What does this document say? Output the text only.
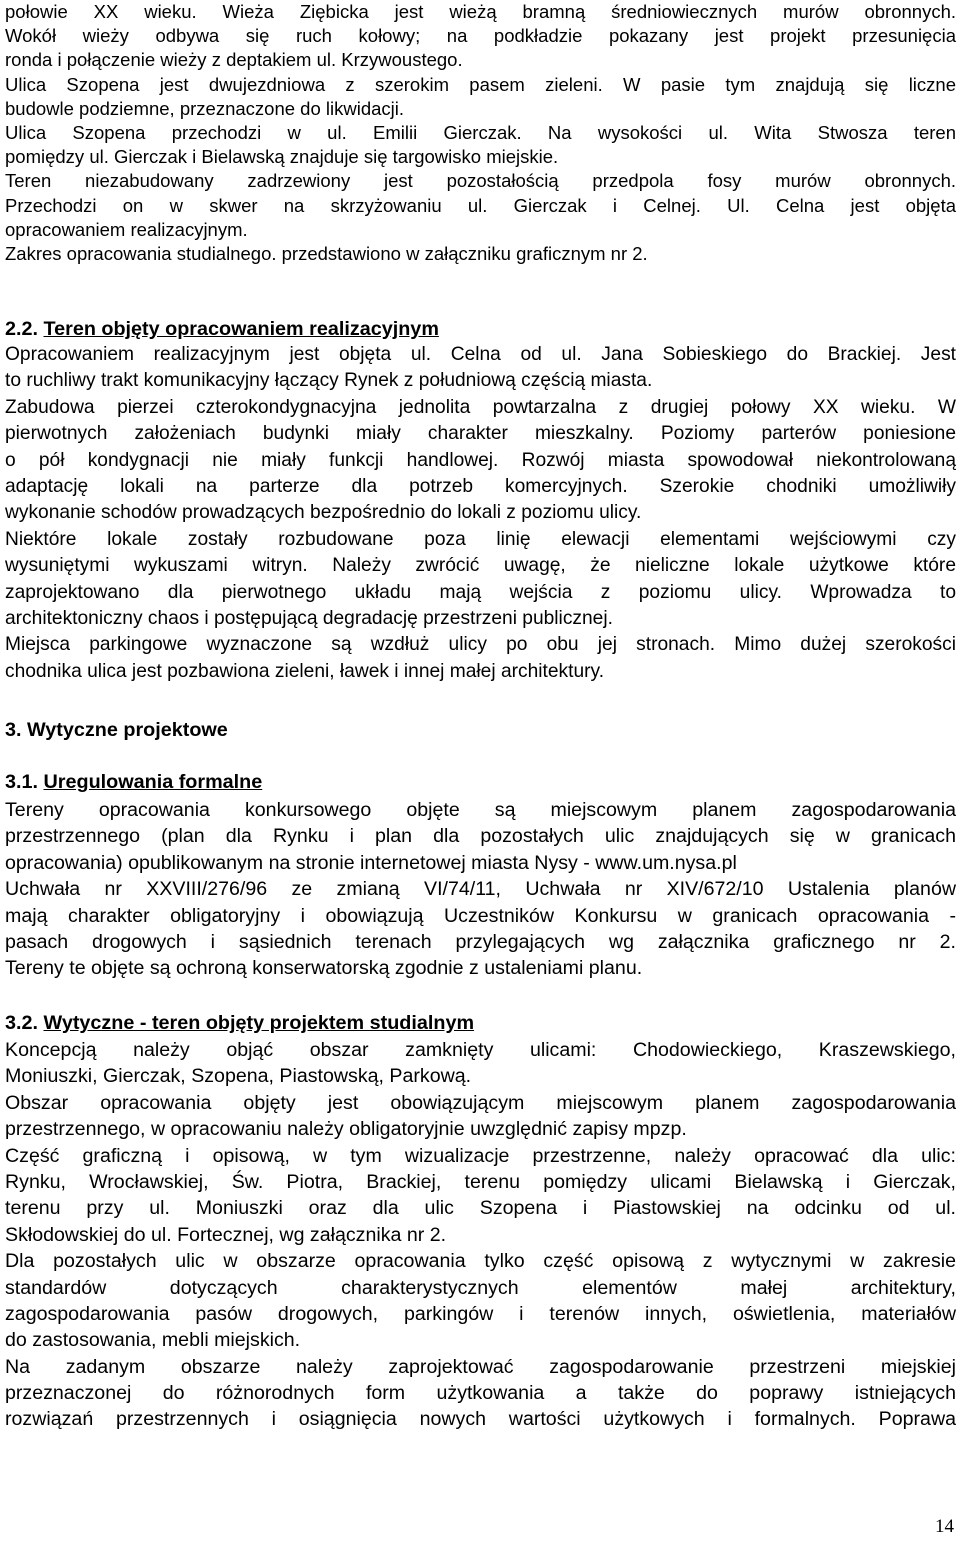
połowie XX wieku. Wieża Ziębicka jest wieżą bramną średniowiecznych murów obronnych.
Wokół wieży odbywa się ruch kołowy; na podkładzie pokazany jest projekt przesunięcia
ronda i połączenie wieży z deptakiem ul. Krzywoustego.
Ulica Szopena jest dwujezdniowa z szerokim pasem zieleni. W pasie tym znajdują się liczne
budowle podziemne, przeznaczone do likwidacji.
Ulica Szopena przechodzi w ul. Emilii Gierczak. Na wysokości ul. Wita Stwosza teren
pomiędzy ul. Gierczak i Bielawską znajduje się targowisko miejskie.
Teren niezabudowany zadrzewiony jest pozostałością przedpola fosy murów obronnych.
Przechodzi on w skwer na skrzyżowaniu ul. Gierczak i Celnej. Ul. Celna jest objęta
opracowaniem realizacyjnym.
Zakres opracowania studialnego. przedstawiono w załączniku graficznym nr 2.
2.2. Teren objęty opracowaniem realizacyjnym
Opracowaniem realizacyjnym jest objęta ul. Celna od ul. Jana Sobieskiego do Brackiej. Jest
to ruchliwy trakt komunikacyjny łączący Rynek z południową częścią miasta.
Zabudowa pierzei czterokondygnacyjna jednolita powtarzalna z drugiej połowy XX wieku. W
pierwotnych założeniach budynki miały charakter mieszkalny. Poziomy parterów poniesione
o pół kondygnacji nie miały funkcji handlowej. Rozwój miasta spowodował niekontrolowaną
adaptację lokali na parterze dla potrzeb komercyjnych. Szerokie chodniki umożliwiły
wykonanie schodów prowadzących bezpośrednio do lokali z poziomu ulicy.
Niektóre lokale zostały rozbudowane poza linię elewacji elementami wejściowymi czy
wysuniętymi wykuszami witryn. Należy zwrócić uwagę, że nieliczne lokale użytkowe które
zaprojektowano dla pierwotnego układu mają wejścia z poziomu ulicy. Wprowadza to
architektoniczny chaos i postępującą degradację przestrzeni publicznej.
Miejsca parkingowe wyznaczone są wzdłuż ulicy po obu jej stronach. Mimo dużej szerokości
chodnika ulica jest pozbawiona zieleni, ławek i innej małej architektury.
3. Wytyczne projektowe
3.1. Uregulowania formalne
Tereny opracowania konkursowego objęte są miejscowym planem zagospodarowania
przestrzennego (plan dla Rynku i plan dla pozostałych ulic znajdujących się w granicach
opracowania) opublikowanym na stronie internetowej miasta Nysy - www.um.nysa.pl
Uchwała nr XXVIII/276/96 ze zmianą VI/74/11, Uchwała nr XIV/672/10 Ustalenia planów
mają charakter obligatoryjny i obowiązują Uczestników Konkursu w granicach opracowania -
pasach drogowych i sąsiednich terenach przylegających wg załącznika graficznego nr 2.
Tereny te objęte są ochroną konserwatorską zgodnie z ustaleniami planu.
3.2. Wytyczne - teren objęty projektem studialnym
Koncepcją należy objąć obszar zamknięty ulicami: Chodowieckiego, Kraszewskiego,
Moniuszki, Gierczak, Szopena, Piastowską, Parkową.
Obszar opracowania objęty jest obowiązującym miejscowym planem zagospodarowania
przestrzennego, w opracowaniu należy obligatoryjnie uwzględnić zapisy mpzp.
Część graficzną i opisową, w tym wizualizacje przestrzenne, należy opracować dla ulic:
Rynku, Wrocławskiej, Św. Piotra, Brackiej, terenu pomiędzy ulicami Bielawską i Gierczak,
terenu przy ul. Moniuszki oraz dla ulic Szopena i Piastowskiej na odcinku od ul.
Skłodowskiej do ul. Fortecznej, wg załącznika nr 2.
Dla pozostałych ulic w obszarze opracowania tylko część opisową z wytycznymi w zakresie
standardów dotyczących charakterystycznych elementów małej architektury,
zagospodarowania pasów drogowych, parkingów i terenów innych, oświetlenia, materiałów
do zastosowania, mebli miejskich.
Na zadanym obszarze należy zaprojektować zagospodarowanie przestrzeni miejskiej
przeznaczonej do różnorodnych form użytkowania a także do poprawy istniejących
rozwiązań przestrzennych i osiągnięcia nowych wartości użytkowych i formalnych. Poprawa
14
